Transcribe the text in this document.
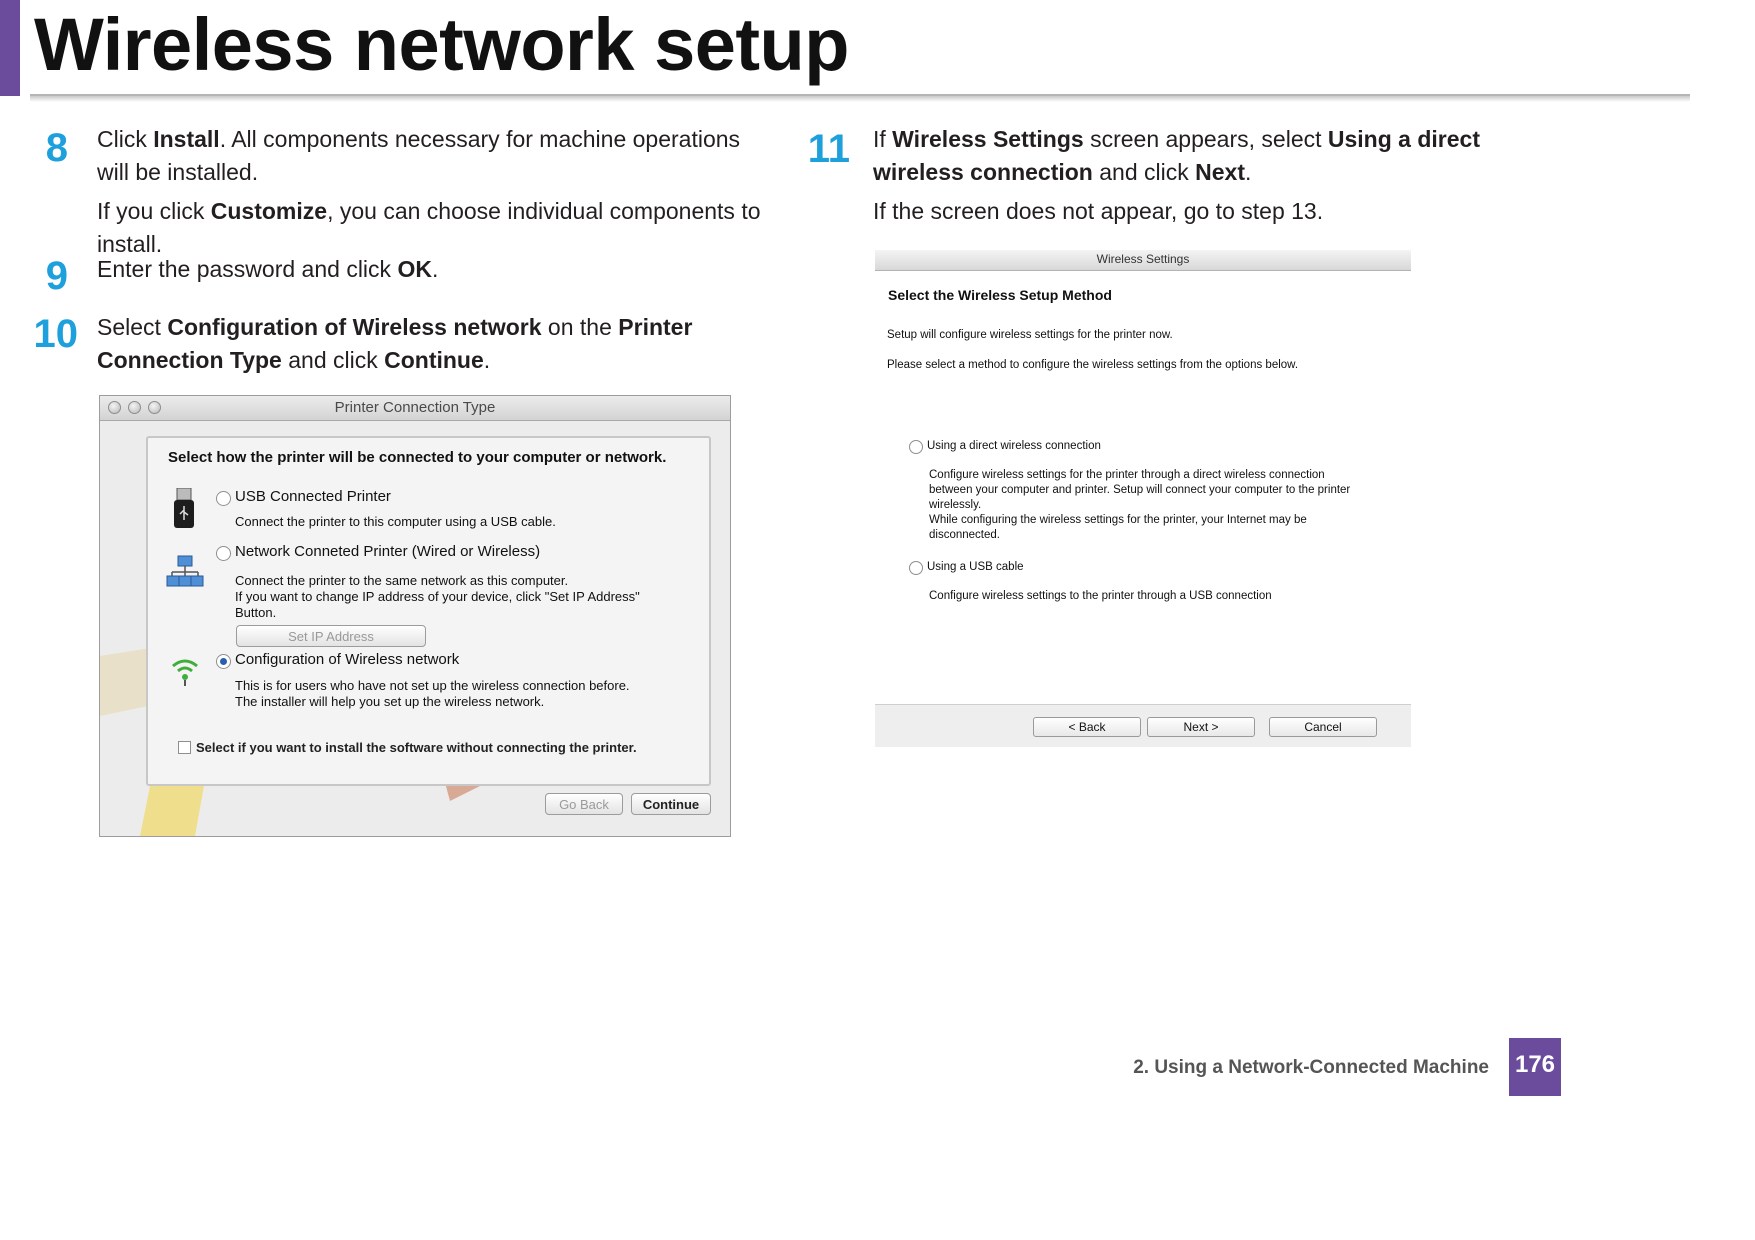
Wireless network setup
8 Click Install. All components necessary for machine operations will be installed.
If you click Customize, you can choose individual components to install.
9 Enter the password and click OK.
10 Select Configuration of Wireless network on the Printer Connection Type and click Continue.
Printer Connection Type
Select how the printer will be connected to your computer or network.
USB Connected Printer
Connect the printer to this computer using a USB cable.
Network Conneted Printer (Wired or Wireless)
Connect the printer to the same network as this computer.
If you want to change IP address of your device, click "Set IP Address"
Button.
Set IP Address
Configuration of Wireless network
This is for users who have not set up the wireless connection before.
The installer will help you set up the wireless network.
Select if you want to install the software without connecting the printer.
Go Back	Continue
11 If Wireless Settings screen appears, select Using a direct wireless connection and click Next.
If the screen does not appear, go to step 13.
Wireless Settings
Select the Wireless Setup Method
Setup will configure wireless settings for the printer now.
Please select a method to configure the wireless settings from the options below.
Using a direct wireless connection
Configure wireless settings for the printer through a direct wireless connection
between your computer and printer. Setup will connect your computer to the printer
wirelessly.
While configuring the wireless settings for the printer, your Internet may be
disconnected.
Using a USB cable
Configure wireless settings to the printer through a USB connection
< Back	Next >	Cancel
2. Using a Network-Connected Machine 176
